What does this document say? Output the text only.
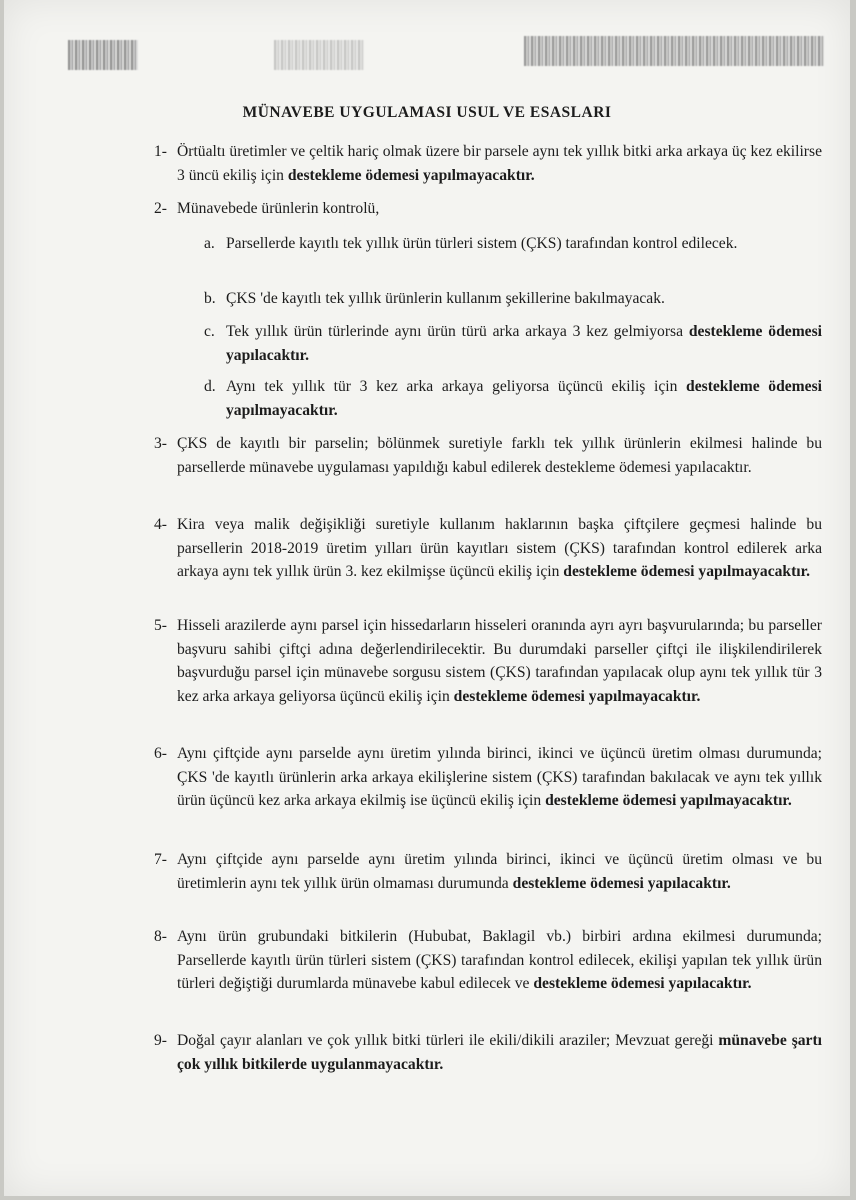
MÜNAVEBE UYGULAMASI USUL VE ESASLARI
1- Örtüaltı üretimler ve çeltik hariç olmak üzere bir parsele aynı tek yıllık bitki arka arkaya üç kez ekilirse 3 üncü ekiliş için destekleme ödemesi yapılmayacaktır.
2- Münavebede ürünlerin kontrolü,
a. Parsellerde kayıtlı tek yıllık ürün türleri sistem (ÇKS) tarafından kontrol edilecek.
b. ÇKS 'de kayıtlı tek yıllık ürünlerin kullanım şekillerine bakılmayacak.
c. Tek yıllık ürün türlerinde aynı ürün türü arka arkaya 3 kez gelmiyorsa destekleme ödemesi yapılacaktır.
d. Aynı tek yıllık tür 3 kez arka arkaya geliyorsa üçüncü ekiliş için destekleme ödemesi yapılmayacaktır.
3- ÇKS de kayıtlı bir parselin; bölünmek suretiyle farklı tek yıllık ürünlerin ekilmesi halinde bu parsellerde münavebe uygulaması yapıldığı kabul edilerek destekleme ödemesi yapılacaktır.
4- Kira veya malik değişikliği suretiyle kullanım haklarının başka çiftçilere geçmesi halinde bu parsellerin 2018-2019 üretim yılları ürün kayıtları sistem (ÇKS) tarafından kontrol edilerek arka arkaya aynı tek yıllık ürün 3. kez ekilmişse üçüncü ekiliş için destekleme ödemesi yapılmayacaktır.
5- Hisseli arazilerde aynı parsel için hissedarların hisseleri oranında ayrı ayrı başvurularında; bu parseller başvuru sahibi çiftçi adına değerlendirilecektir. Bu durumdaki parseller çiftçi ile ilişkilendirilerek başvurduğu parsel için münavebe sorgusu sistem (ÇKS) tarafından yapılacak olup aynı tek yıllık tür 3 kez arka arkaya geliyorsa üçüncü ekiliş için destekleme ödemesi yapılmayacaktır.
6- Aynı çiftçide aynı parselde aynı üretim yılında birinci, ikinci ve üçüncü üretim olması durumunda; ÇKS 'de kayıtlı ürünlerin arka arkaya ekilişlerine sistem (ÇKS) tarafından bakılacak ve aynı tek yıllık ürün üçüncü kez arka arkaya ekilmiş ise üçüncü ekiliş için destekleme ödemesi yapılmayacaktır.
7- Aynı çiftçide aynı parselde aynı üretim yılında birinci, ikinci ve üçüncü üretim olması ve bu üretimlerin aynı tek yıllık ürün olmaması durumunda destekleme ödemesi yapılacaktır.
8- Aynı ürün grubundaki bitkilerin (Hububat, Baklagil vb.) birbiri ardına ekilmesi durumunda; Parsellerde kayıtlı ürün türleri sistem (ÇKS) tarafından kontrol edilecek, ekilişi yapılan tek yıllık ürün türleri değiştiği durumlarda münavebe kabul edilecek ve destekleme ödemesi yapılacaktır.
9- Doğal çayır alanları ve çok yıllık bitki türleri ile ekili/dikili araziler; Mevzuat gereği münavebe şartı çok yıllık bitkilerde uygulanmayacaktır.
